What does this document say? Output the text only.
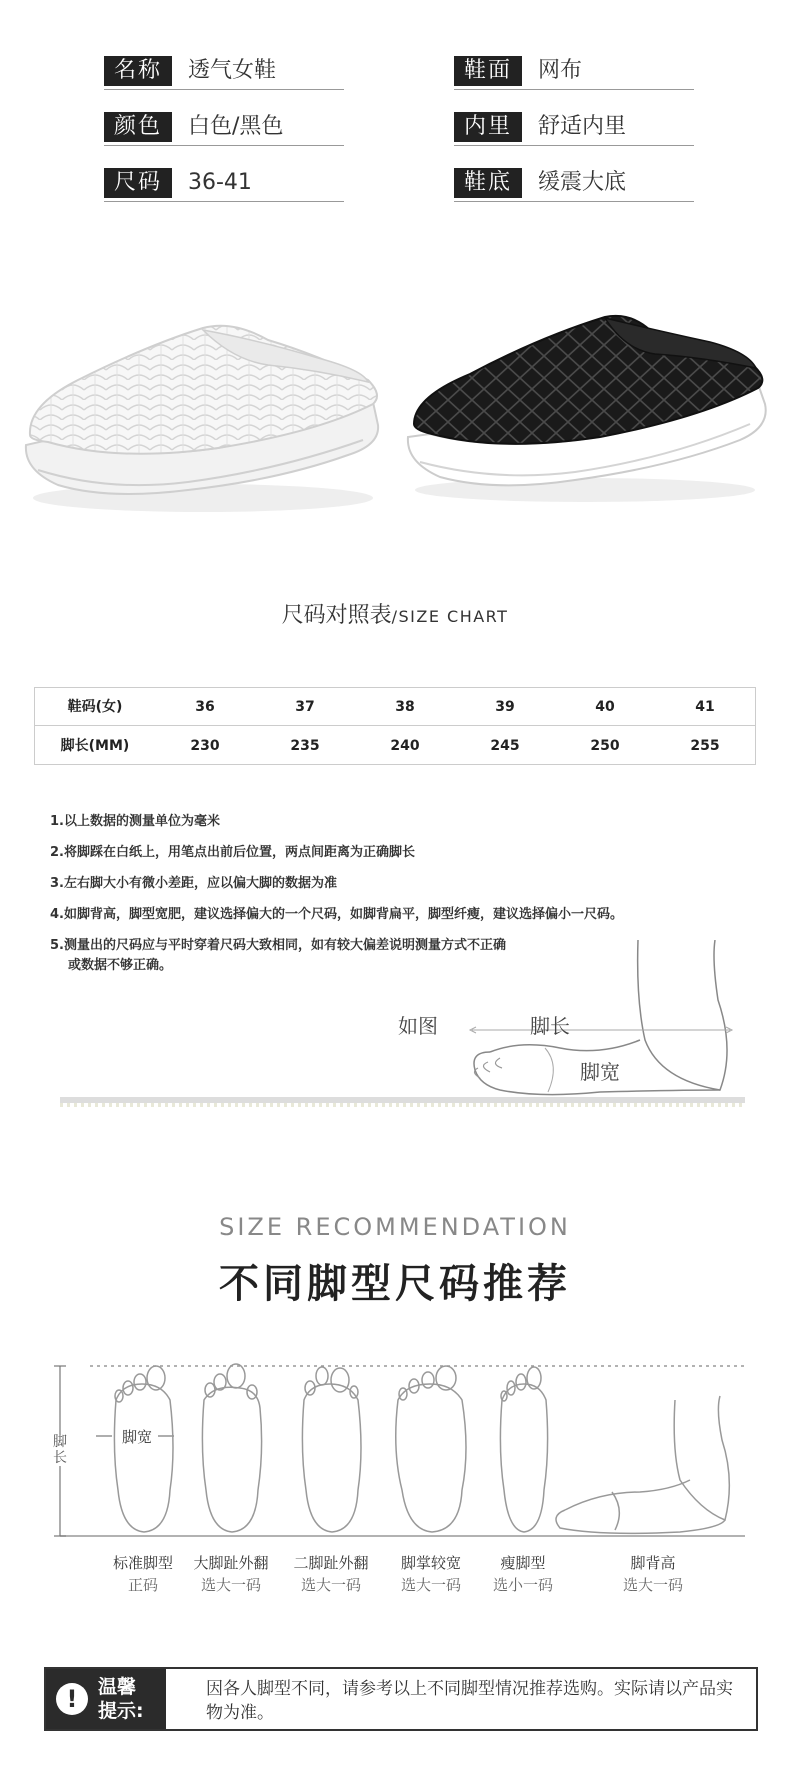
名称	透气女鞋	鞋面	网布
颜色	白色/黑色	内里	舒适内里
尺码	36-41	鞋底	缓震大底
尺码对照表/SIZE CHART
鞋码(女)	36	37	38	39	40	41
脚长(MM)	230	235	240	245	250	255
1.以上数据的测量单位为毫米
2.将脚踩在白纸上，用笔点出前后位置，两点间距离为正确脚长
3.左右脚大小有微小差距，应以偏大脚的数据为准
4.如脚背高，脚型宽肥，建议选择偏大的一个尺码，如脚背扁平，脚型纤瘦，建议选择偏小一尺码。
5.测量出的尺码应与平时穿着尺码大致相同，如有较大偏差说明测量方式不正确
或数据不够正确。
如图	脚长
脚宽
SIZE RECOMMENDATION
不同脚型尺码推荐
脚宽
脚长
标准脚型
正码
大脚趾外翻
选大一码
二脚趾外翻
选大一码
脚掌较宽
选大一码
瘦脚型
选小一码
脚背高
选大一码
!	温馨
提示:
因各人脚型不同，请参考以上不同脚型情况推荐选购。实际请以产品实物为准。
